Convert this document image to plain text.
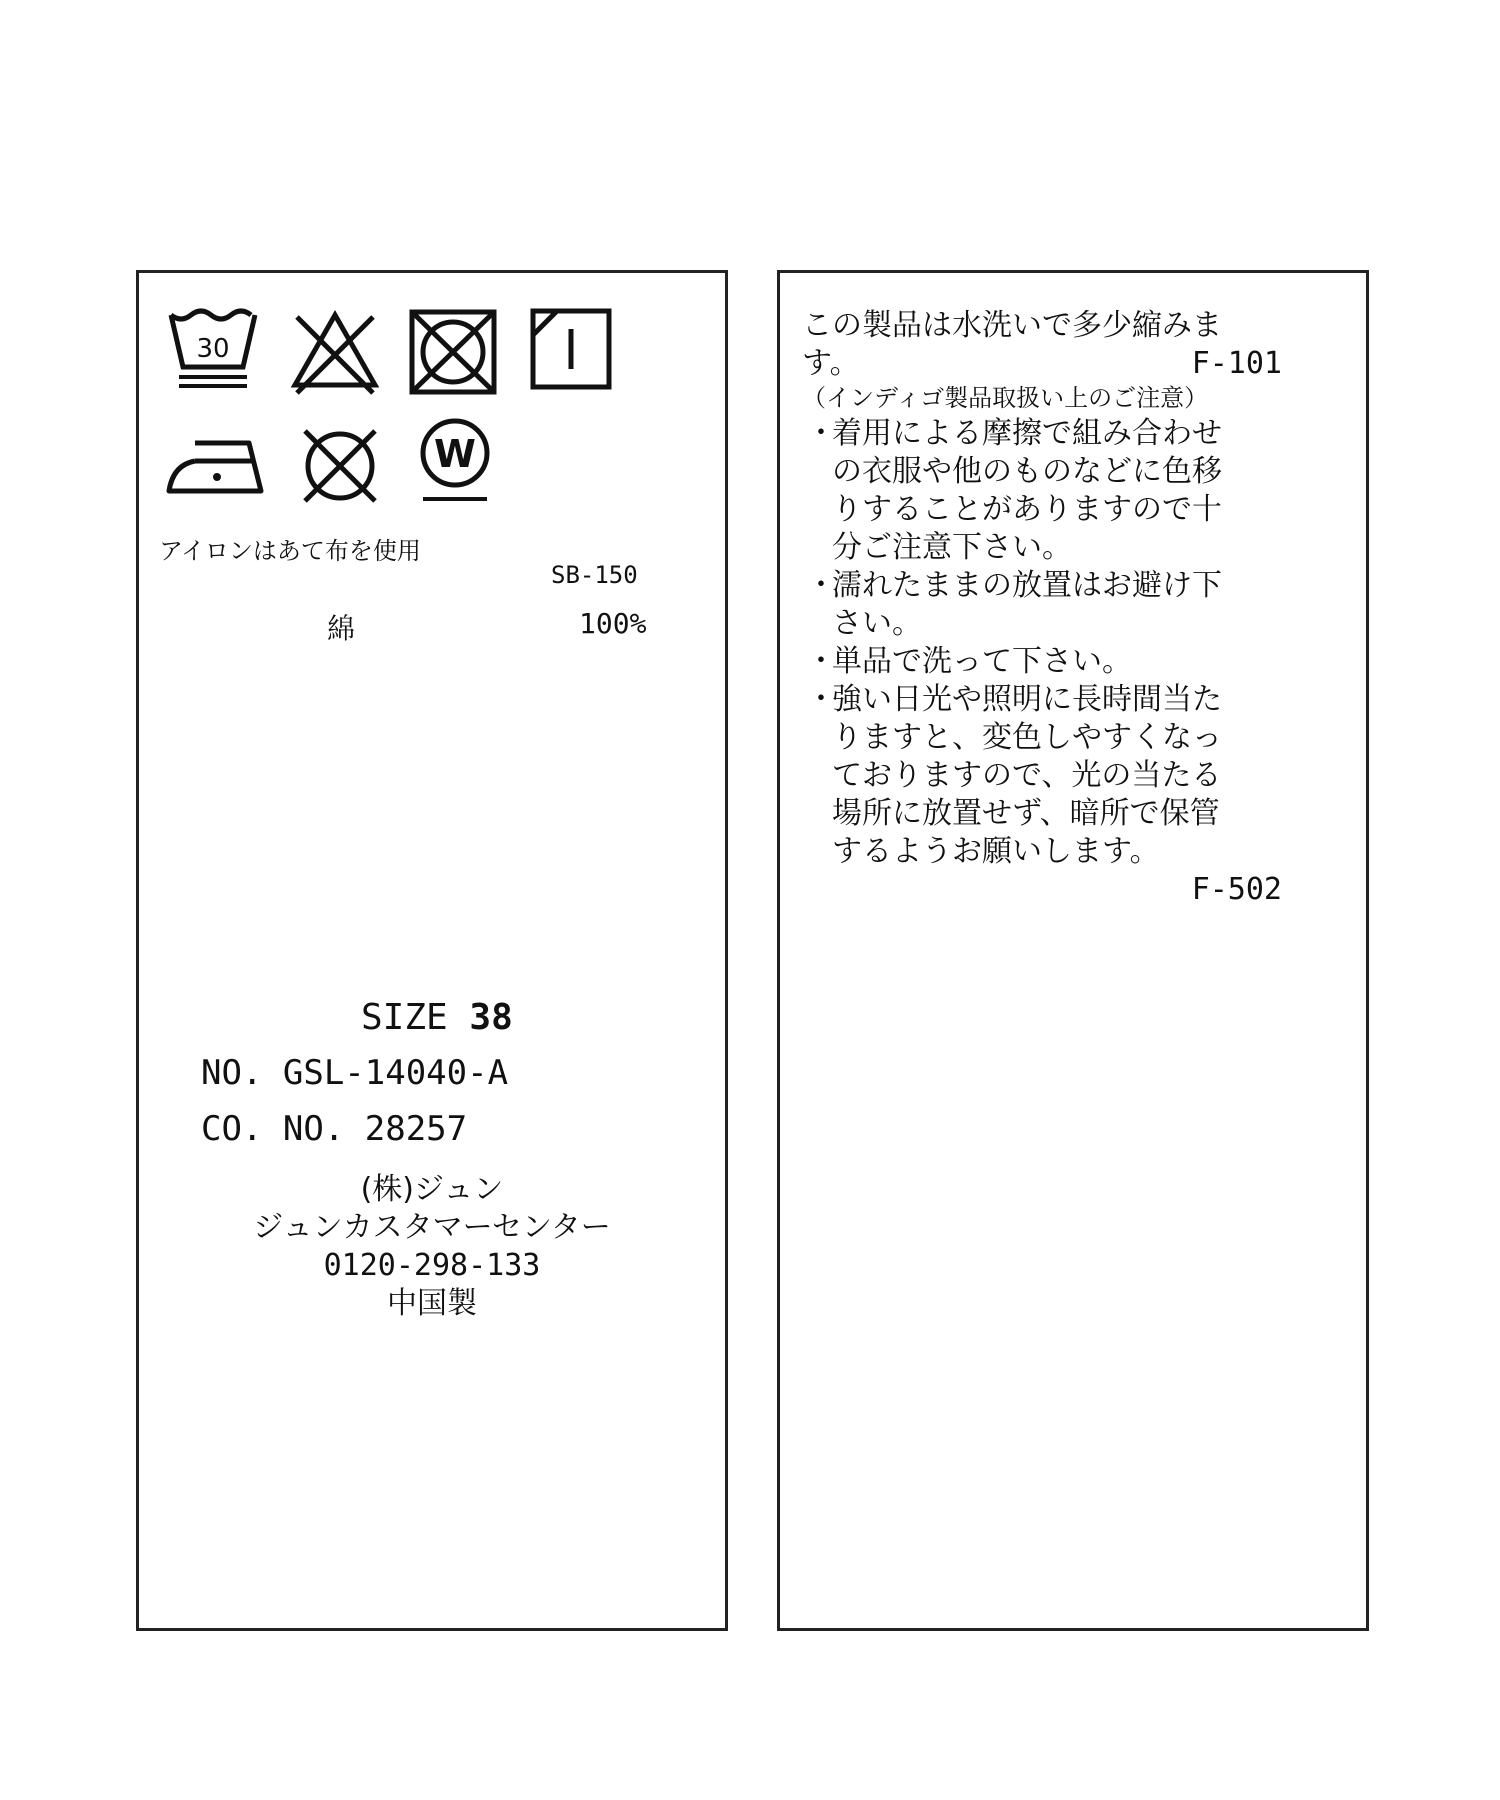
30
W
アイロンはあて布を使用
SB-150
綿	100%
SIZE 38
NO. GSL-14040-A
CO. NO. 28257
(株)ジュン
ジュンカスタマーセンター
0120-298-133
中国製
この製品は水洗いで多少縮みま
す。	F-101
（インディゴ製品取扱い上のご注意）
・
着用による摩擦で組み合わせ
の衣服や他のものなどに色移
りすることがありますので十
分ご注意下さい。
・
濡れたままの放置はお避け下
さい。
・
単品で洗って下さい。
・
強い日光や照明に長時間当た
りますと、変色しやすくなっ
ておりますので、光の当たる
場所に放置せず、暗所で保管
するようお願いします。
F-502
